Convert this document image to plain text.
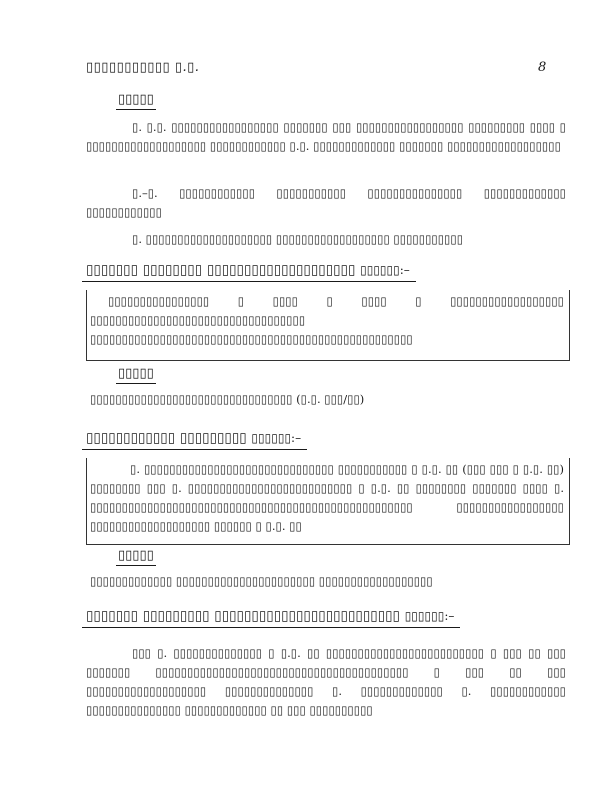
▯▯▯▯▯▯▯▯▯▯▯ ▯.▯.	8
▯▯▯▯▯
▯. ▯.▯. ▯▯▯▯▯▯▯▯▯▯▯▯▯▯▯▯▯ ▯▯▯▯▯▯▯ ▯▯▯ ▯▯▯▯▯▯▯▯▯▯▯▯▯▯▯▯▯ ▯▯▯▯▯▯▯▯▯ ▯▯▯▯ ▯ ▯▯▯▯▯▯▯▯▯▯▯▯▯▯▯▯▯▯▯ ▯▯▯▯▯▯▯▯▯▯▯▯ ▯.▯. ▯▯▯▯▯▯▯▯▯▯▯▯▯ ▯▯▯▯▯▯▯ ▯▯▯▯▯▯▯▯▯▯▯▯▯▯▯▯▯▯
▯.–▯. ▯▯▯▯▯▯▯▯▯▯▯▯ ▯▯▯▯▯▯▯▯▯▯▯ ▯▯▯▯▯▯▯▯▯▯▯▯▯▯▯ ▯▯▯▯▯▯▯▯▯▯▯▯▯ ▯▯▯▯▯▯▯▯▯▯▯▯
▯. ▯▯▯▯▯▯▯▯▯▯▯▯▯▯▯▯▯▯▯▯ ▯▯▯▯▯▯▯▯▯▯▯▯▯▯▯▯▯▯ ▯▯▯▯▯▯▯▯▯▯▯
▯▯▯▯▯▯▯ ▯▯▯▯▯▯▯▯ ▯▯▯▯▯▯▯▯▯▯▯▯▯▯▯▯▯▯▯▯ ▯▯▯▯▯▯:–
▯▯▯▯▯▯▯▯▯▯▯▯▯▯▯▯ ▯ ▯▯▯▯ ▯ ▯▯▯▯ ▯ ▯▯▯▯▯▯▯▯▯▯▯▯▯▯▯▯▯▯ ▯▯▯▯▯▯▯▯▯▯▯▯▯▯▯▯▯▯▯▯▯▯▯▯▯▯▯▯▯▯▯▯▯▯ ▯▯▯▯▯▯▯▯▯▯▯▯▯▯▯▯▯▯▯▯▯▯▯▯▯▯▯▯▯▯▯▯▯▯▯▯▯▯▯▯▯▯▯▯▯▯▯▯▯▯▯
▯▯▯▯▯
▯▯▯▯▯▯▯▯▯▯▯▯▯▯▯▯▯▯▯▯▯▯▯▯▯▯▯▯▯▯▯▯ (▯.▯. ▯▯▯/▯▯)
▯▯▯▯▯▯▯▯▯▯▯▯ ▯▯▯▯▯▯▯▯▯ ▯▯▯▯▯▯:–
▯. ▯▯▯▯▯▯▯▯▯▯▯▯▯▯▯▯▯▯▯▯▯▯▯▯▯▯▯▯▯▯ ▯▯▯▯▯▯▯▯▯▯▯ ▯ ▯.▯. ▯▯ (▯▯▯ ▯▯▯ ▯ ▯.▯. ▯▯) ▯▯▯▯▯▯▯▯ ▯▯▯ ▯. ▯▯▯▯▯▯▯▯▯▯▯▯▯▯▯▯▯▯▯▯▯▯▯▯▯▯ ▯ ▯.▯. ▯▯ ▯▯▯▯▯▯▯▯ ▯▯▯▯▯▯▯ ▯▯▯▯ ▯. ▯▯▯▯▯▯▯▯▯▯▯▯▯▯▯▯▯▯▯▯▯▯▯▯▯▯▯▯▯▯▯▯▯▯▯▯▯▯▯▯▯▯▯▯▯▯▯▯▯▯▯ ▯▯▯▯▯▯▯▯▯▯▯▯▯▯▯▯▯ ▯▯▯▯▯▯▯▯▯▯▯▯▯▯▯▯▯▯▯ ▯▯▯▯▯▯ ▯ ▯.▯. ▯▯
▯▯▯▯▯
▯▯▯▯▯▯▯▯▯▯▯▯▯ ▯▯▯▯▯▯▯▯▯▯▯▯▯▯▯▯▯▯▯▯▯▯ ▯▯▯▯▯▯▯▯▯▯▯▯▯▯▯▯▯▯
▯▯▯▯▯▯▯ ▯▯▯▯▯▯▯▯▯ ▯▯▯▯▯▯▯▯▯▯▯▯▯▯▯▯▯▯▯▯▯▯▯▯▯ ▯▯▯▯▯▯:–
▯▯▯ ▯. ▯▯▯▯▯▯▯▯▯▯▯▯▯▯ ▯ ▯.▯. ▯▯ ▯▯▯▯▯▯▯▯▯▯▯▯▯▯▯▯▯▯▯▯▯▯▯▯▯ ▯ ▯▯▯ ▯▯ ▯▯▯ ▯▯▯▯▯▯▯ ▯▯▯▯▯▯▯▯▯▯▯▯▯▯▯▯▯▯▯▯▯▯▯▯▯▯▯▯▯▯▯▯▯▯▯▯▯▯▯▯ ▯ ▯▯▯ ▯▯ ▯▯▯ ▯▯▯▯▯▯▯▯▯▯▯▯▯▯▯▯▯▯▯ ▯▯▯▯▯▯▯▯▯▯▯▯▯▯ ▯. ▯▯▯▯▯▯▯▯▯▯▯▯▯ ▯. ▯▯▯▯▯▯▯▯▯▯▯▯ ▯▯▯▯▯▯▯▯▯▯▯▯▯▯▯ ▯▯▯▯▯▯▯▯▯▯▯▯▯ ▯▯ ▯▯▯ ▯▯▯▯▯▯▯▯▯▯
